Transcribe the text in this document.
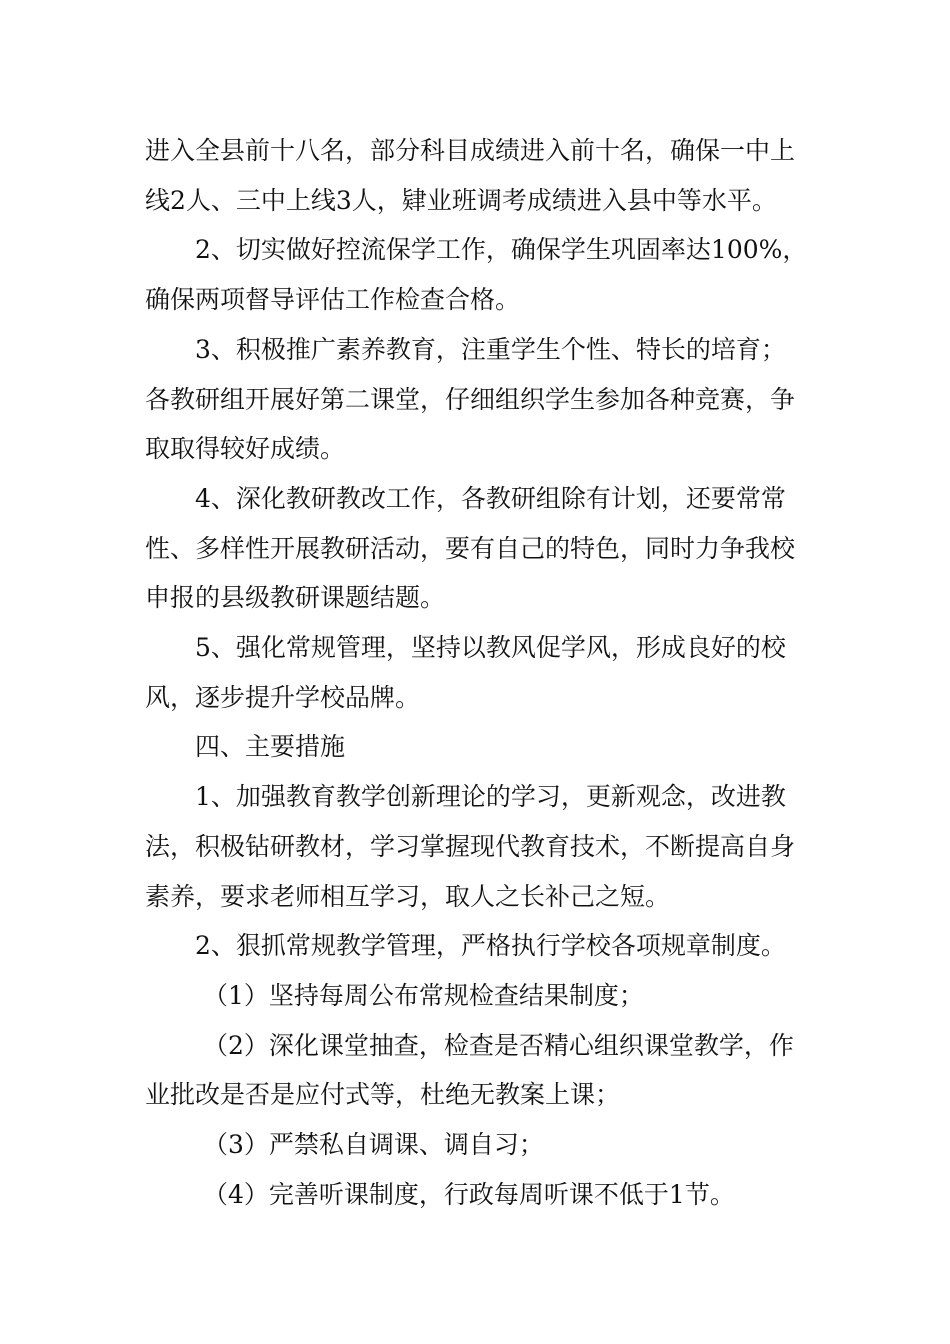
进入全县前十八名，部分科目成绩进入前十名，确保一中上线2人、三中上线3人，肄业班调考成绩进入县中等水平。

2、切实做好控流保学工作，确保学生巩固率达100%，确保两项督导评估工作检查合格。

3、积极推广素养教育，注重学生个性、特长的培育；各教研组开展好第二课堂，仔细组织学生参加各种竞赛，争取取得较好成绩。

4、深化教研教改工作，各教研组除有计划，还要常常性、多样性开展教研活动，要有自己的特色，同时力争我校申报的县级教研课题结题。

5、强化常规管理，坚持以教风促学风，形成良好的校风，逐步提升学校品牌。

四、主要措施

1、加强教育教学创新理论的学习，更新观念，改进教法，积极钻研教材，学习掌握现代教育技术，不断提高自身素养，要求老师相互学习，取人之长补己之短。

2、狠抓常规教学管理，严格执行学校各项规章制度。

（1）坚持每周公布常规检查结果制度；

（2）深化课堂抽查，检查是否精心组织课堂教学，作业批改是否是应付式等，杜绝无教案上课；

（3）严禁私自调课、调自习；

（4）完善听课制度，行政每周听课不低于1节。
